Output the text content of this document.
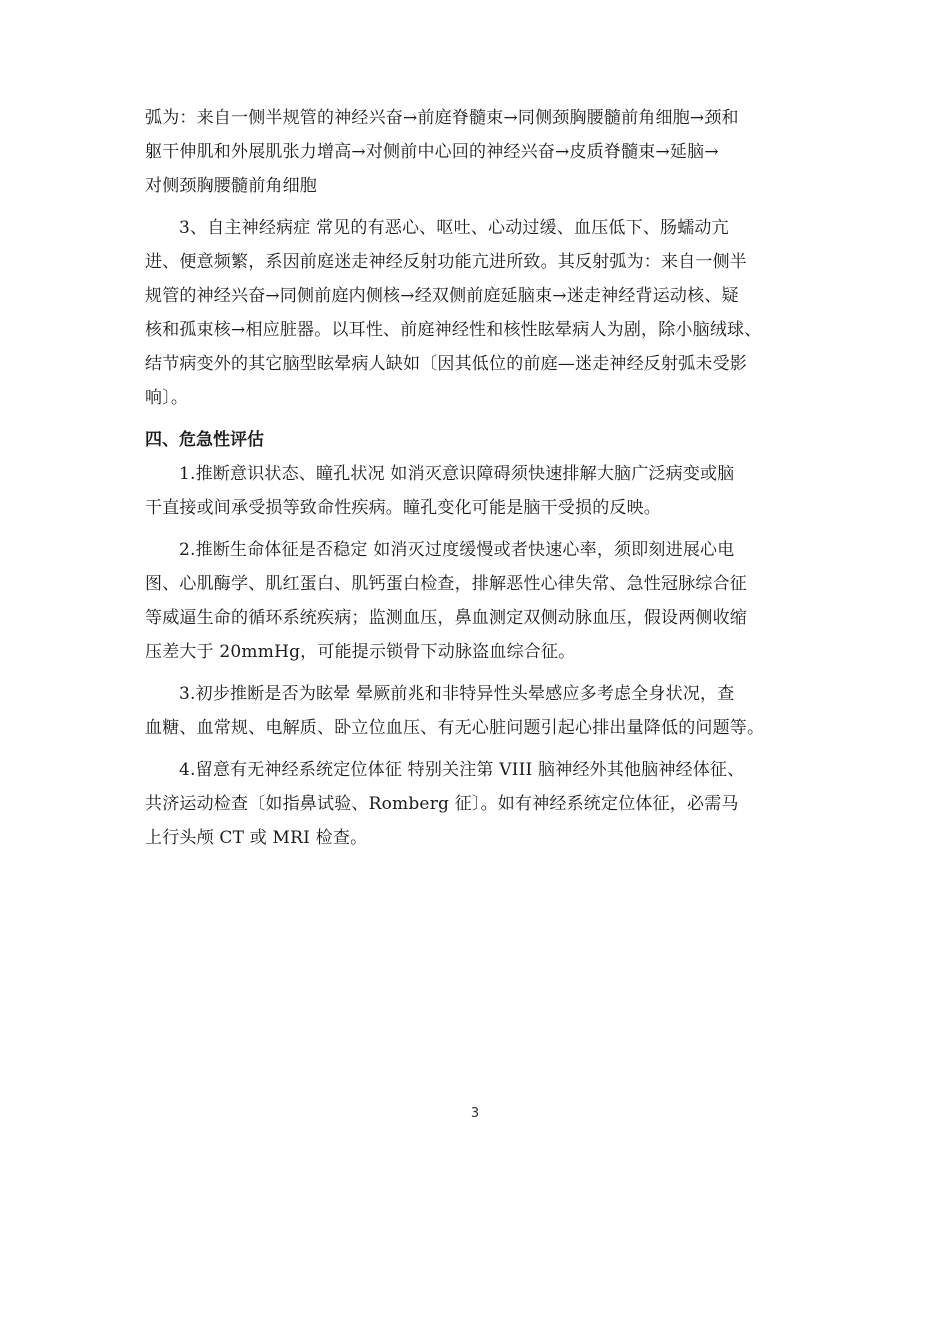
弧为：来自一侧半规管的神经兴奋→前庭脊髓束→同侧颈胸腰髓前角细胞→颈和
躯干伸肌和外展肌张力增高→对侧前中心回的神经兴奋→皮质脊髓束→延脑→
对侧颈胸腰髓前角细胞
3、自主神经病症 常见的有恶心、呕吐、心动过缓、血压低下、肠蠕动亢
进、便意频繁，系因前庭迷走神经反射功能亢进所致。其反射弧为：来自一侧半
规管的神经兴奋→同侧前庭内侧核→经双侧前庭延脑束→迷走神经背运动核、疑
核和孤束核→相应脏器。以耳性、前庭神经性和核性眩晕病人为剧，除小脑绒球、
结节病变外的其它脑型眩晕病人缺如〔因其低位的前庭—迷走神经反射弧未受影
响〕。
四、危急性评估
1.推断意识状态、瞳孔状况 如消灭意识障碍须快速排解大脑广泛病变或脑
干直接或间承受损等致命性疾病。瞳孔变化可能是脑干受损的反映。
2.推断生命体征是否稳定 如消灭过度缓慢或者快速心率，须即刻进展心电
图、心肌酶学、肌红蛋白、肌钙蛋白检查，排解恶性心律失常、急性冠脉综合征
等威逼生命的循环系统疾病；监测血压，鼻血测定双侧动脉血压，假设两侧收缩
压差大于 20mmHg，可能提示锁骨下动脉盗血综合征。
3.初步推断是否为眩晕 晕厥前兆和非特异性头晕感应多考虑全身状况，查
血糖、血常规、电解质、卧立位血压、有无心脏问题引起心排出量降低的问题等。
4.留意有无神经系统定位体征 特别关注第 VIII 脑神经外其他脑神经体征、
共济运动检查〔如指鼻试验、Romberg 征〕。如有神经系统定位体征，必需马
上行头颅 CT 或 MRI 检查。
3
